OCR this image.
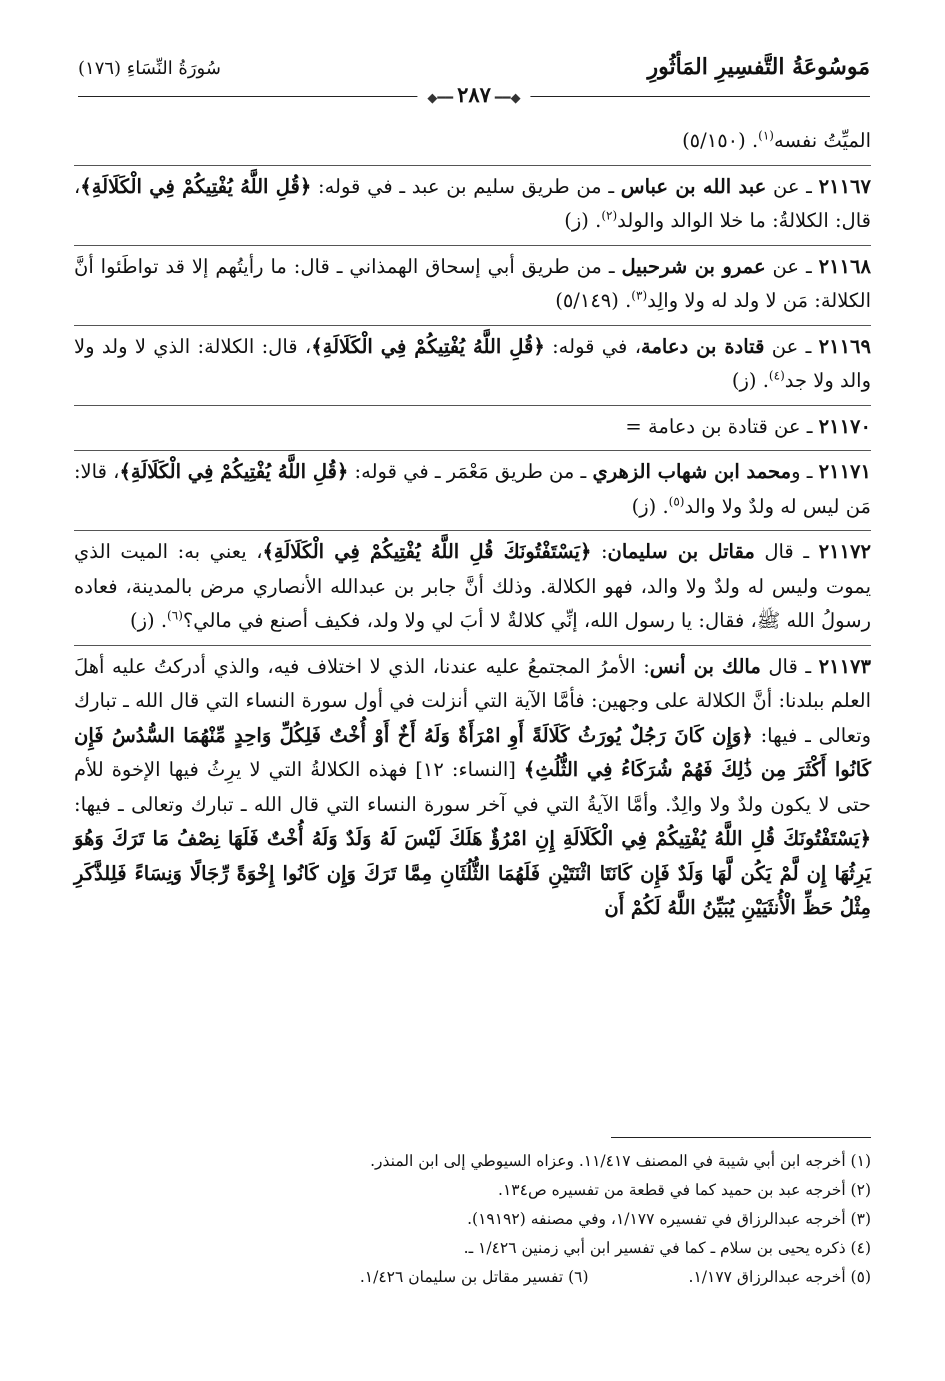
مَوسُوعَةُ التَّفسِيرِ المَأثُورِ
سُورَةُ النِّسَاءِ (١٧٦)
◆━━٢٨٧━━◆

الميِّتُ نفسه$^{(١)}$. (٥/١٥٠)

٢١١٦٧ ـ عن عبد الله بن عباس ـ من طريق سليم بن عبد ـ في قوله: ﴿قُلِ اللَّهُ يُفْتِيكُمْ فِي الْكَلَالَةِ﴾، قال: الكلالةُ: ما خلا الوالد والولد$^{(٢)}$. (ز)

٢١١٦٨ ـ عن عمرو بن شرحبيل ـ من طريق أبي إسحاق الهمذاني ـ قال: ما رأيتُهم إلا قد تواطَئوا أنَّ الكلالة: مَن لا ولد له ولا والِد$^{(٣)}$. (٥/١٤٩)

٢١١٦٩ ـ عن قتادة بن دعامة، في قوله: ﴿قُلِ اللَّهُ يُفْتِيكُمْ فِي الْكَلَالَةِ﴾، قال: الكلالة: الذي لا ولد ولا والد ولا جد$^{(٤)}$. (ز)

٢١١٧٠ ـ عن قتادة بن دعامة =

٢١١٧١ ـ ومحمد ابن شهاب الزهري ـ من طريق مَعْمَر ـ في قوله: ﴿قُلِ اللَّهُ يُفْتِيكُمْ فِي الْكَلَالَةِ﴾، قالا: مَن ليس له ولدٌ ولا والد$^{(٥)}$. (ز)

٢١١٧٢ ـ قال مقاتل بن سليمان: ﴿يَسْتَفْتُونَكَ قُلِ اللَّهُ يُفْتِيكُمْ فِي الْكَلَالَةِ﴾، يعني به: الميت الذي يموت وليس له ولدٌ ولا والد، فهو الكلالة. وذلك أنَّ جابر بن عبدالله الأنصاري مرض بالمدينة، فعاده رسولُ الله ﷺ، فقال: يا رسول الله، إنِّي كلالةٌ لا أبَ لي ولا ولد، فكيف أصنع في مالي؟$^{(٦)}$. (ز)

٢١١٧٣ ـ قال مالك بن أنس: الأمرُ المجتمعُ عليه عندنا، الذي لا اختلاف فيه، والذي أدركتُ عليه أهلَ العلم ببلدنا: أنَّ الكلالة على وجهين: فأمَّا الآية التي أنزلت في أول سورة النساء التي قال الله ـ تبارك وتعالى ـ فيها: ﴿وَإِن كَانَ رَجُلٌ يُورَثُ كَلَالَةً أَوِ امْرَأَةٌ وَلَهُ أَخٌ أَوْ أُخْتٌ فَلِكُلِّ وَاحِدٍ مِّنْهُمَا السُّدُسُ فَإِن كَانُوا أَكْثَرَ مِن ذَٰلِكَ فَهُمْ شُرَكَاءُ فِي الثُّلُثِ﴾ [النساء: ١٢] فهذه الكلالةُ التي لا يرِثُ فيها الإخوة للأم حتى لا يكون ولدٌ ولا والِدٌ. وأمَّا الآيةُ التي في آخر سورة النساء التي قال الله ـ تبارك وتعالى ـ فيها: ﴿يَسْتَفْتُونَكَ قُلِ اللَّهُ يُفْتِيكُمْ فِي الْكَلَالَةِ إِنِ امْرُؤٌ هَلَكَ لَيْسَ لَهُ وَلَدٌ وَلَهُ أُخْتٌ فَلَهَا نِصْفُ مَا تَرَكَ وَهُوَ يَرِثُهَا إِن لَّمْ يَكُن لَّهَا وَلَدٌ فَإِن كَانَتَا اثْنَتَيْنِ فَلَهُمَا الثُّلُثَانِ مِمَّا تَرَكَ وَإِن كَانُوا إِخْوَةً رِّجَالًا وَنِسَاءً فَلِلذَّكَرِ مِثْلُ حَظِّ الْأُنثَيَيْنِ يُبَيِّنُ اللَّهُ لَكُمْ أَن

(١) أخرجه ابن أبي شيبة في المصنف ١١/٤١٧. وعزاه السيوطي إلى ابن المنذر.
(٢) أخرجه عبد بن حميد كما في قطعة من تفسيره ص١٣٤.
(٣) أخرجه عبدالرزاق في تفسيره ١/١٧٧، وفي مصنفه (١٩١٩٢).
(٤) ذكره يحيى بن سلام ـ كما في تفسير ابن أبي زمنين ١/٤٢٦ ـ.
(٥) أخرجه عبدالرزاق ١/١٧٧.
(٦) تفسير مقاتل بن سليمان ١/٤٢٦.
